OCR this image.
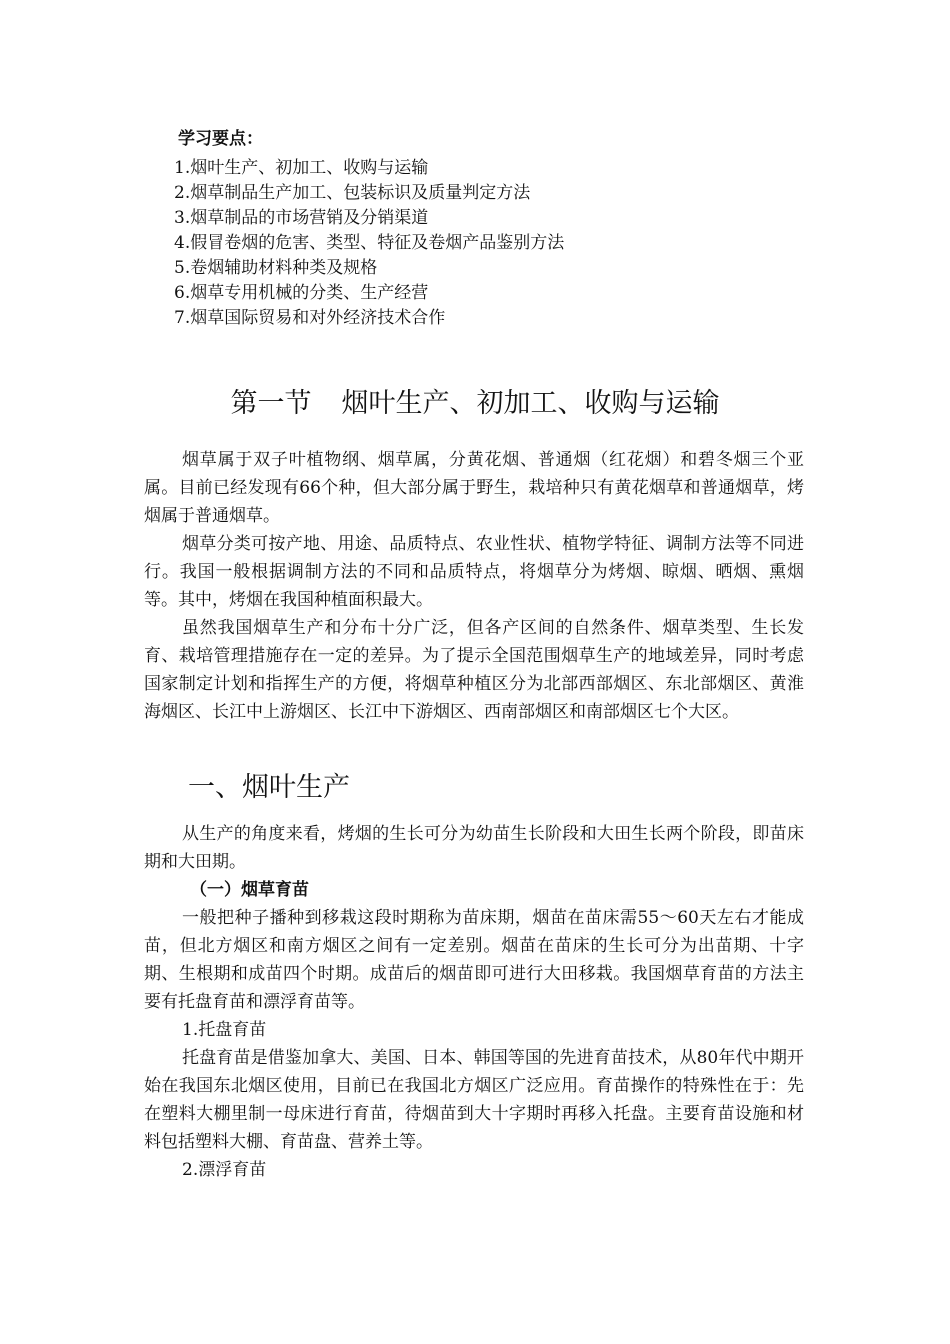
学习要点：
1.烟叶生产、初加工、收购与运输
2.烟草制品生产加工、包装标识及质量判定方法
3.烟草制品的市场营销及分销渠道
4.假冒卷烟的危害、类型、特征及卷烟产品鉴别方法
5.卷烟辅助材料种类及规格
6.烟草专用机械的分类、生产经营
7.烟草国际贸易和对外经济技术合作
第一节 烟叶生产、初加工、收购与运输

烟草属于双子叶植物纲、烟草属，分黄花烟、普通烟（红花烟）和碧冬烟三个亚属。目前已经发现有66个种，但大部分属于野生，栽培种只有黄花烟草和普通烟草，烤烟属于普通烟草。

烟草分类可按产地、用途、品质特点、农业性状、植物学特征、调制方法等不同进行。我国一般根据调制方法的不同和品质特点，将烟草分为烤烟、晾烟、晒烟、熏烟等。其中，烤烟在我国种植面积最大。

虽然我国烟草生产和分布十分广泛，但各产区间的自然条件、烟草类型、生长发育、栽培管理措施存在一定的差异。为了提示全国范围烟草生产的地域差异，同时考虑国家制定计划和指挥生产的方便，将烟草种植区分为北部西部烟区、东北部烟区、黄淮海烟区、长江中上游烟区、长江中下游烟区、西南部烟区和南部烟区七个大区。

一、烟叶生产

从生产的角度来看，烤烟的生长可分为幼苗生长阶段和大田生长两个阶段，即苗床期和大田期。

（一）烟草育苗

一般把种子播种到移栽这段时期称为苗床期，烟苗在苗床需55～60天左右才能成苗，但北方烟区和南方烟区之间有一定差别。烟苗在苗床的生长可分为出苗期、十字期、生根期和成苗四个时期。成苗后的烟苗即可进行大田移栽。我国烟草育苗的方法主要有托盘育苗和漂浮育苗等。

1.托盘育苗

托盘育苗是借鉴加拿大、美国、日本、韩国等国的先进育苗技术，从80年代中期开始在我国东北烟区使用，目前已在我国北方烟区广泛应用。育苗操作的特殊性在于：先在塑料大棚里制一母床进行育苗，待烟苗到大十字期时再移入托盘。主要育苗设施和材料包括塑料大棚、育苗盘、营养土等。

2.漂浮育苗
